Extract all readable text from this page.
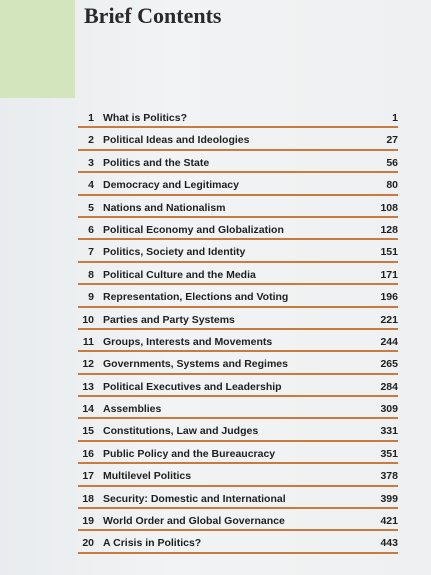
Brief Contents
1 What is Politics?	1
2 Political Ideas and Ideologies	27
3 Politics and the State	56
4 Democracy and Legitimacy	80
5 Nations and Nationalism	108
6 Political Economy and Globalization	128
7 Politics, Society and Identity	151
8 Political Culture and the Media	171
9 Representation, Elections and Voting	196
10 Parties and Party Systems	221
11 Groups, Interests and Movements	244
12 Governments, Systems and Regimes	265
13 Political Executives and Leadership	284
14 Assemblies	309
15 Constitutions, Law and Judges	331
16 Public Policy and the Bureaucracy	351
17 Multilevel Politics	378
18 Security: Domestic and International	399
19 World Order and Global Governance	421
20 A Crisis in Politics?	443
